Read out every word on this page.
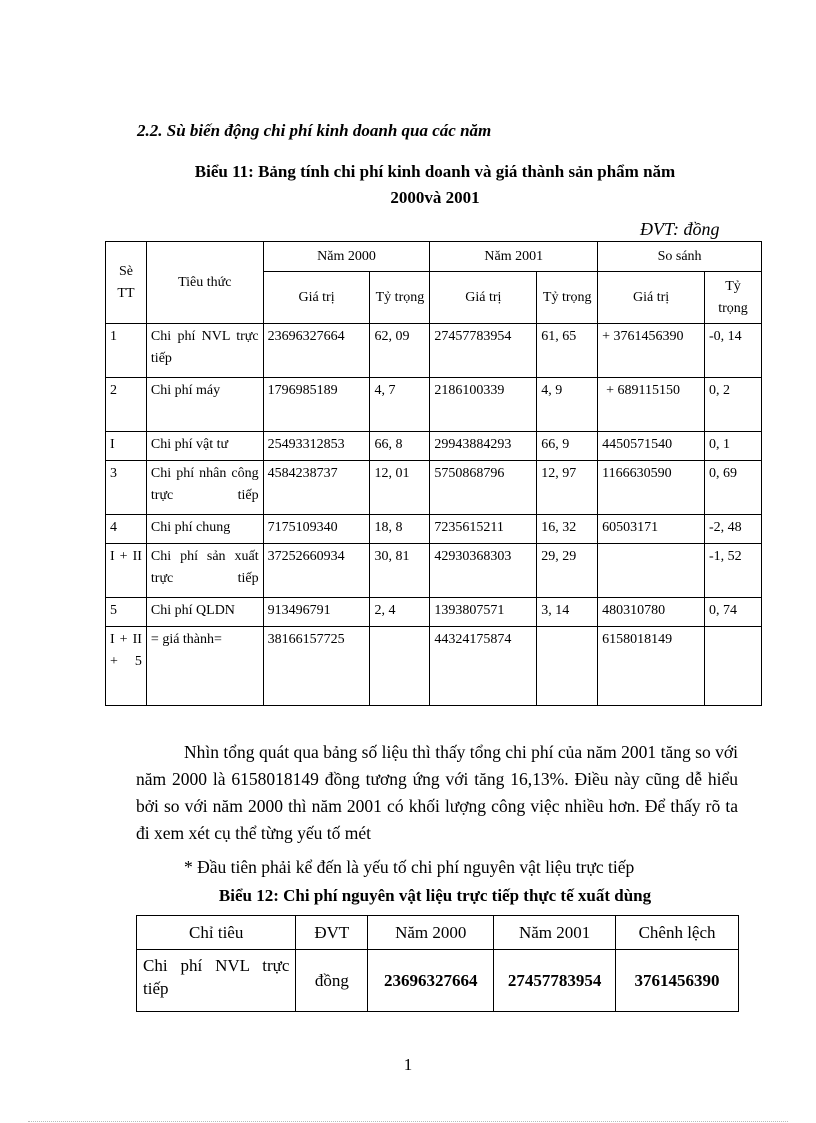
2.2. Sù biến động chi phí kinh doanh qua các năm
Biểu 11: Bảng tính chi phí kinh doanh và giá thành sản phẩm năm
2000và 2001
ĐVT: đồng
Sè TT	Tiêu thức	Năm 2000		Năm 2001		So sánh	
		Giá trị	Tỷ trọng	Giá trị	Tỷ trọng	Giá trị	Tỷ trọng
1	Chi phí NVL trực tiếp	23696327664	62, 09	27457783954	61, 65	+ 3761456390	-0, 14
2	Chi phí máy	1796985189	4, 7	2186100339	4, 9	+ 689115150	0, 2
I	Chi phí vật tư	25493312853	66, 8	29943884293	66, 9	4450571540	0, 1
3	Chi phí nhân công trực tiếp	4584238737	12, 01	5750868796	12, 97	1166630590	0, 69
4	Chi phí chung	7175109340	18, 8	7235615211	16, 32	60503171	-2, 48
I + II	Chi phí sản xuất trực tiếp	37252660934	30, 81	42930368303	29, 29		-1, 52
5	Chi phí QLDN	913496791	2, 4	1393807571	3, 14	480310780	0, 74
I + II + 5	= giá thành=	38166157725		44324175874		6158018149	
Nhìn tổng quát qua bảng số liệu thì thấy tổng chi phí của năm 2001 tăng so với năm 2000 là 6158018149 đồng tương ứng với tăng 16,13%. Điều này cũng dễ hiểu bởi so với năm 2000 thì năm 2001 có khối lượng công việc nhiều hơn. Để thấy rõ ta đi xem xét cụ thể từng yếu tố mét
* Đầu tiên phải kể đến là yếu tố chi phí nguyên vật liệu trực tiếp
Biểu 12: Chi phí nguyên vật liệu trực tiếp thực tế xuất dùng
Chỉ tiêu	ĐVT	Năm 2000	Năm 2001	Chênh lệch
Chi phí NVL trực tiếp	đồng	23696327664	27457783954	3761456390
1
